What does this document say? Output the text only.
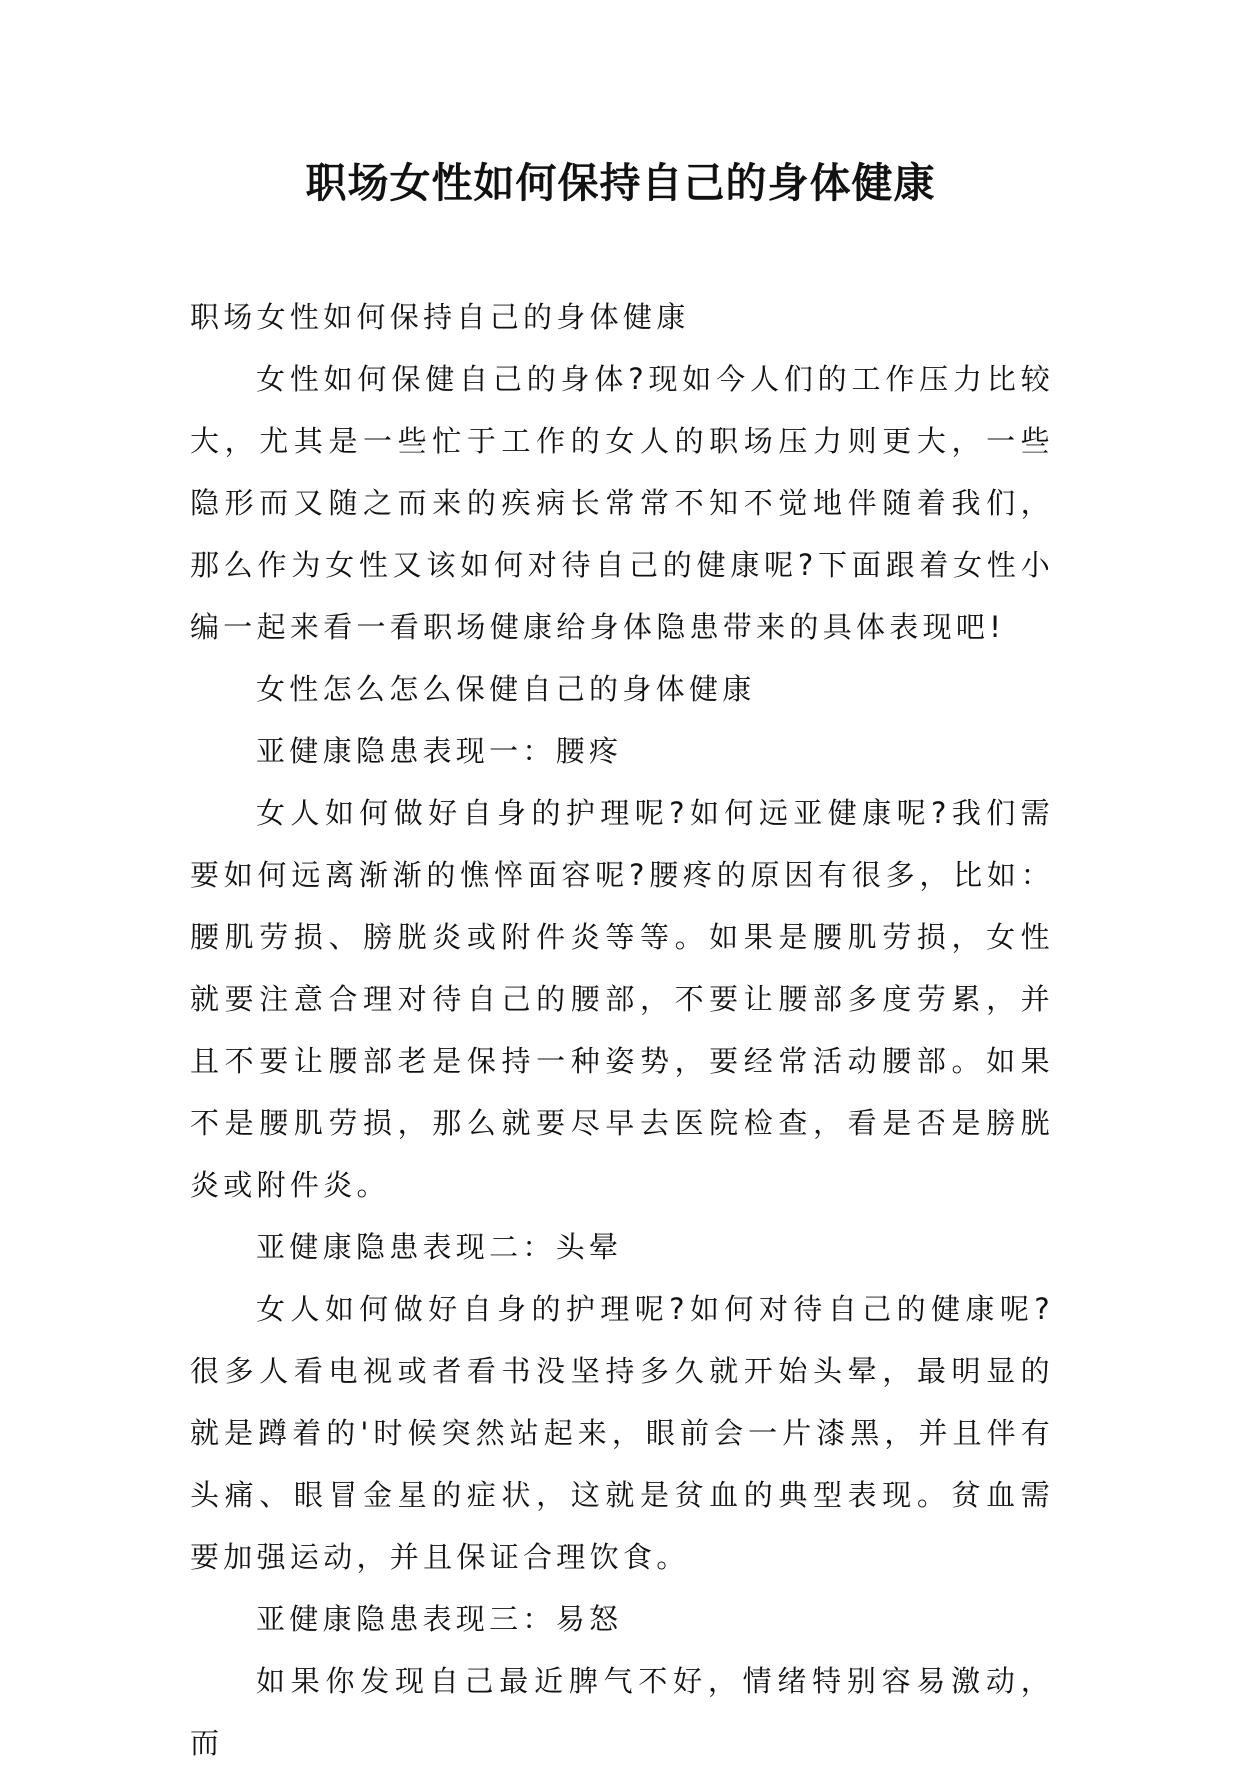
职场女性如何保持自己的身体健康

职场女性如何保持自己的身体健康

女性如何保健自己的身体?现如今人们的工作压力比较大，尤其是一些忙于工作的女人的职场压力则更大，一些隐形而又随之而来的疾病长常常不知不觉地伴随着我们，那么作为女性又该如何对待自己的健康呢?下面跟着女性小编一起来看一看职场健康给身体隐患带来的具体表现吧!

女性怎么怎么保健自己的身体健康

亚健康隐患表现一：腰疼

女人如何做好自身的护理呢?如何远亚健康呢?我们需要如何远离渐渐的憔悴面容呢?腰疼的原因有很多，比如：腰肌劳损、膀胱炎或附件炎等等。如果是腰肌劳损，女性就要注意合理对待自己的腰部，不要让腰部多度劳累，并且不要让腰部老是保持一种姿势，要经常活动腰部。如果不是腰肌劳损，那么就要尽早去医院检查，看是否是膀胱炎或附件炎。

亚健康隐患表现二：头晕

女人如何做好自身的护理呢?如何对待自己的健康呢?很多人看电视或者看书没坚持多久就开始头晕，最明显的就是蹲着的'时候突然站起来，眼前会一片漆黑，并且伴有头痛、眼冒金星的症状，这就是贫血的典型表现。贫血需要加强运动，并且保证合理饮食。

亚健康隐患表现三：易怒

如果你发现自己最近脾气不好，情绪特别容易激动，而
